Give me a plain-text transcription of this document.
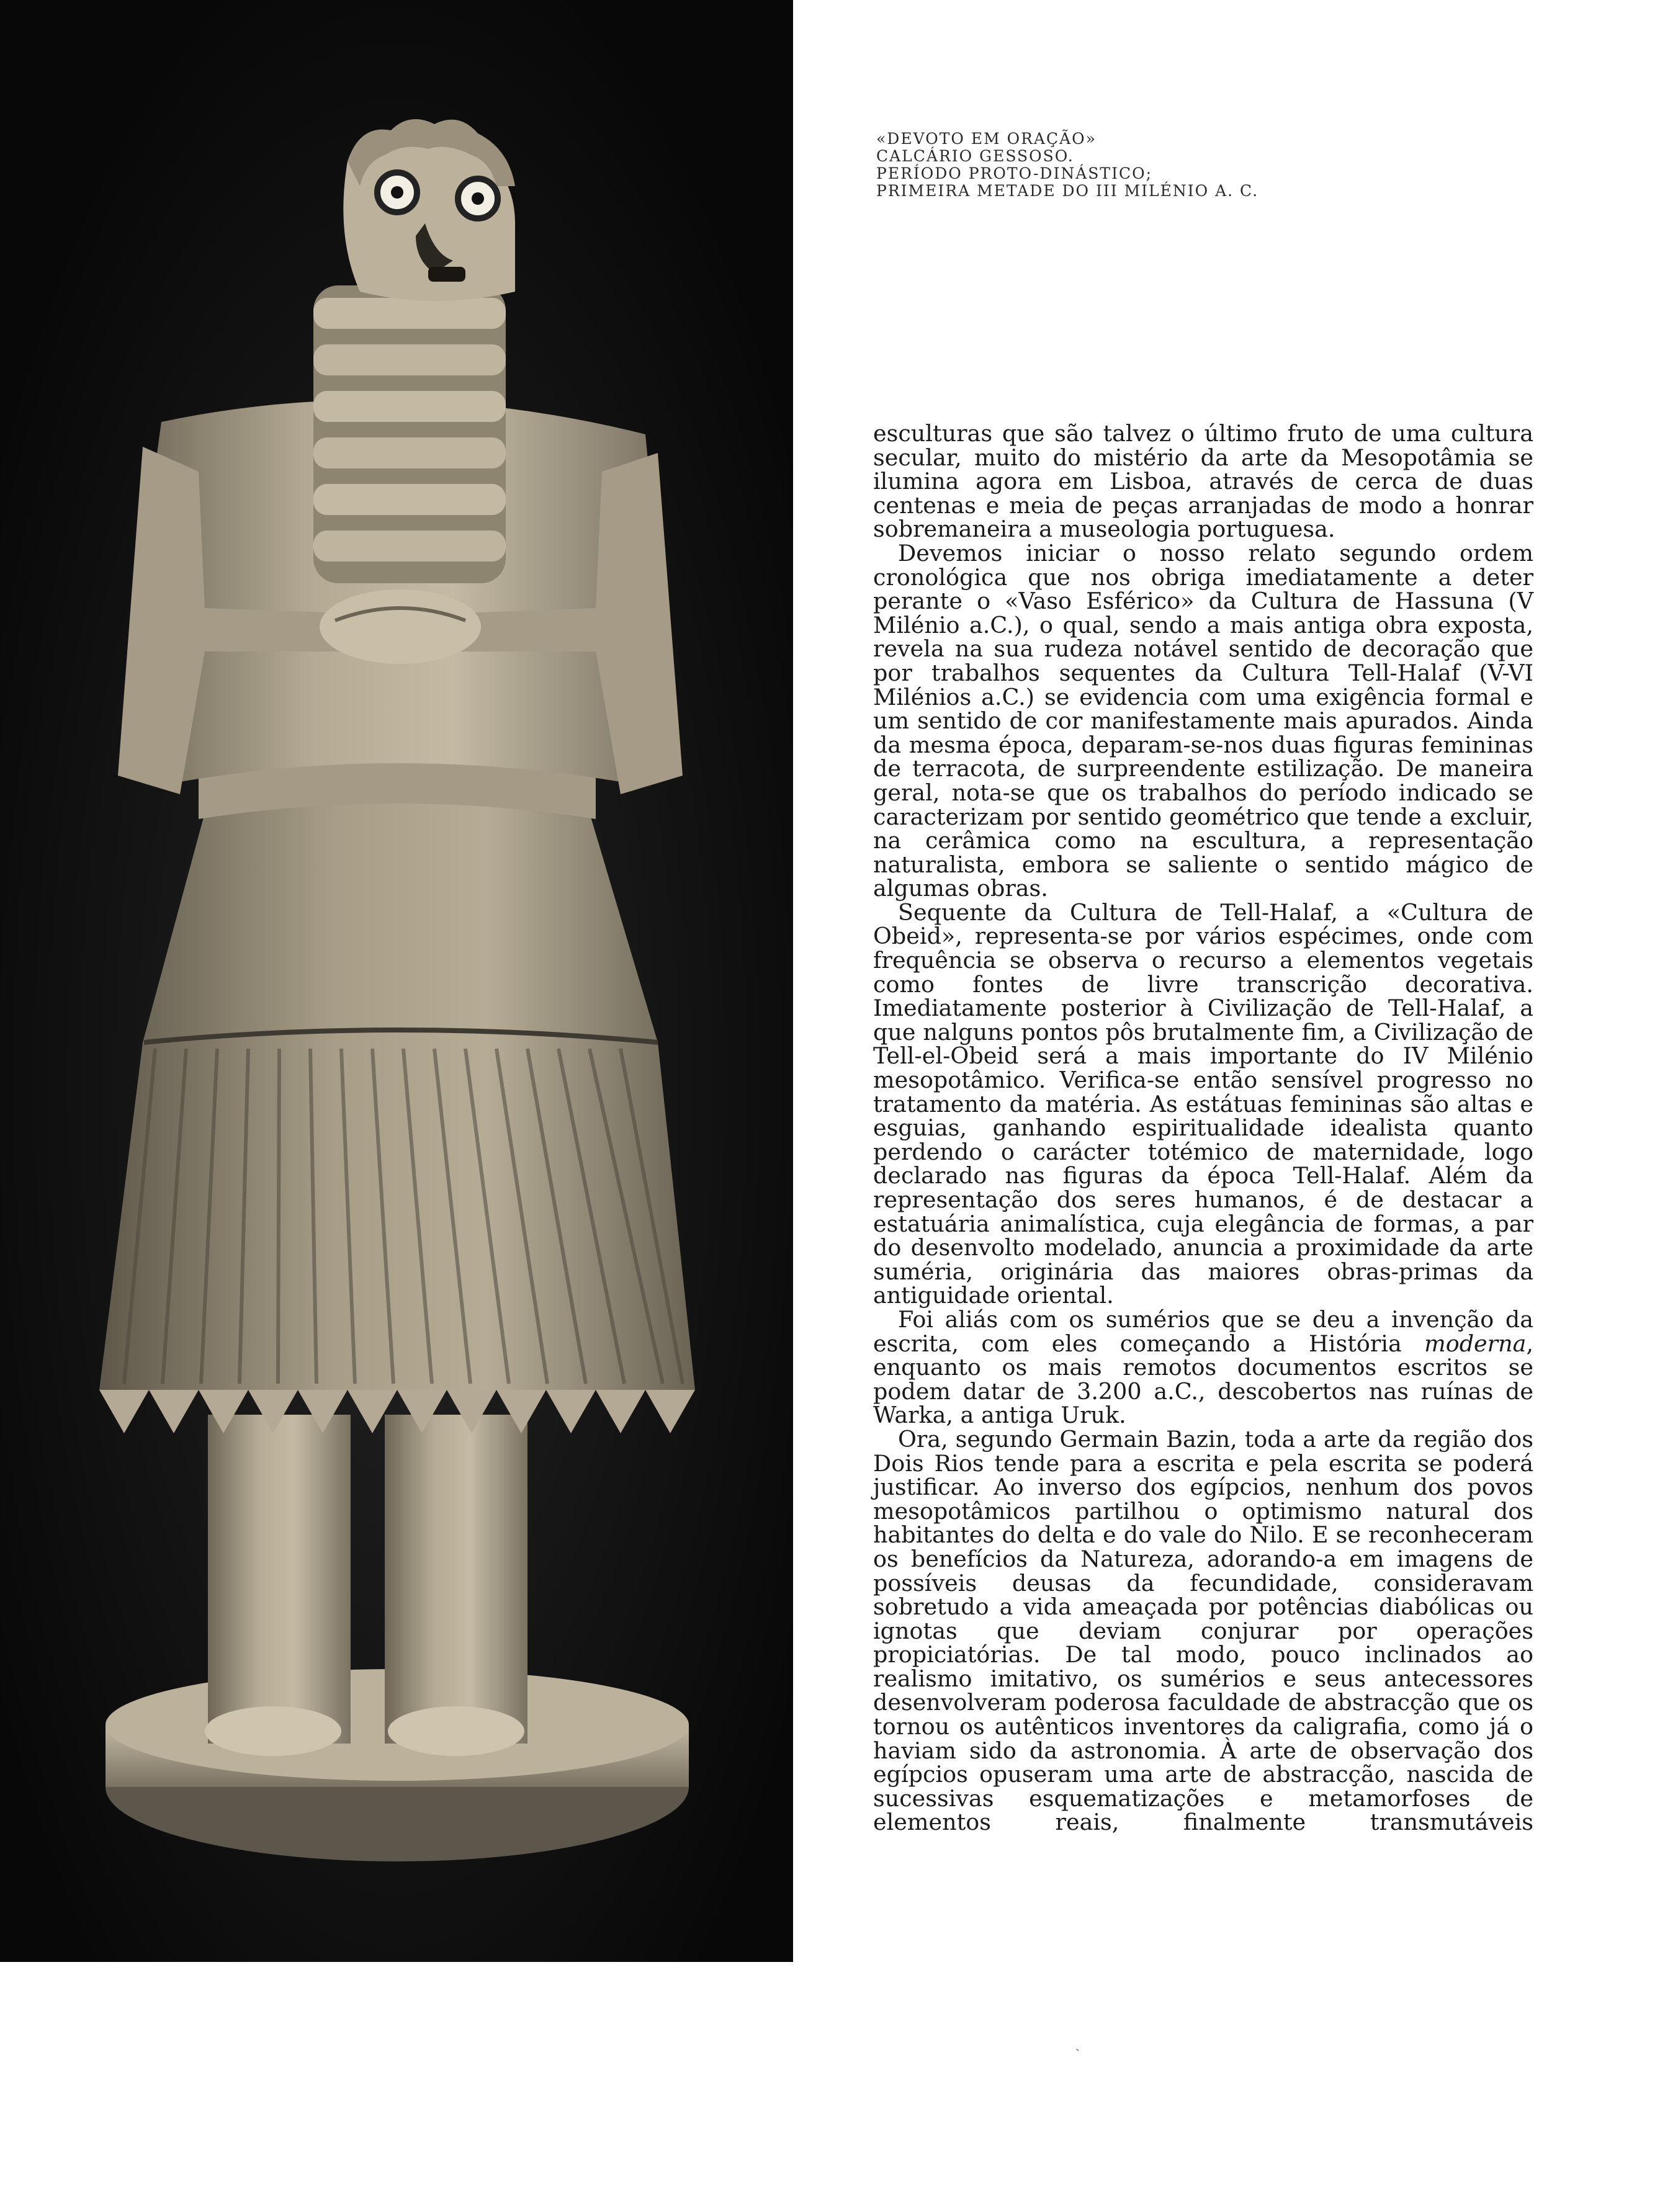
«DEVOTO EM ORAÇÃO»
CALCÁRIO GESSOSO.
PERÍODO PROTO-DINÁSTICO;
PRIMEIRA METADE DO III MILÉNIO A. C.

esculturas que são talvez o último fruto de uma cultura secular, muito do mistério da arte da Mesopotâmia se ilumina agora em Lisboa, através de cerca de duas centenas e meia de peças arranjadas de modo a honrar sobremaneira a museologia portuguesa.

Devemos iniciar o nosso relato segundo ordem cronológica que nos obriga imediatamente a deter perante o «Vaso Esférico» da Cultura de Hassuna (V Milénio a.C.), o qual, sendo a mais antiga obra exposta, revela na sua rudeza notável sentido de decoração que por trabalhos sequentes da Cultura Tell-Halaf (V-VI Milénios a.C.) se evidencia com uma exigência formal e um sentido de cor manifestamente mais apurados. Ainda da mesma época, deparam-se-nos duas figuras femininas de terracota, de surpreendente estilização. De maneira geral, nota-se que os trabalhos do período indicado se caracterizam por sentido geométrico que tende a excluir, na cerâmica como na escultura, a representação naturalista, embora se saliente o sentido mágico de algumas obras.

Sequente da Cultura de Tell-Halaf, a «Cultura de Obeid», representa-se por vários espécimes, onde com frequência se observa o recurso a elementos vegetais como fontes de livre transcrição decorativa. Imediatamente posterior à Civilização de Tell-Halaf, a que nalguns pontos pôs brutalmente fim, a Civilização de Tell-el-Obeid será a mais importante do IV Milénio mesopotâmico. Verifica-se então sensível progresso no tratamento da matéria. As estátuas femininas são altas e esguias, ganhando espiritualidade idealista quanto perdendo o carácter totémico de maternidade, logo declarado nas figuras da época Tell-Halaf. Além da representação dos seres humanos, é de destacar a estatuária animalística, cuja elegância de formas, a par do desenvolto modelado, anuncia a proximidade da arte suméria, originária das maiores obras-primas da antiguidade oriental.

Foi aliás com os sumérios que se deu a invenção da escrita, com eles começando a História moderna, enquanto os mais remotos documentos escritos se podem datar de 3.200 a.C., descobertos nas ruínas de Warka, a antiga Uruk.

Ora, segundo Germain Bazin, toda a arte da região dos Dois Rios tende para a escrita e pela escrita se poderá justificar. Ao inverso dos egípcios, nenhum dos povos mesopotâmicos partilhou o optimismo natural dos habitantes do delta e do vale do Nilo. E se reconheceram os benefícios da Natureza, adorando-a em imagens de possíveis deusas da fecundidade, consideravam sobretudo a vida ameaçada por potências diabólicas ou ignotas que deviam conjurar por operações propiciatórias. De tal modo, pouco inclinados ao realismo imitativo, os sumérios e seus antecessores desenvolveram poderosa faculdade de abstracção que os tornou os autênticos inventores da caligrafia, como já o haviam sido da astronomia. À arte de observação dos egípcios opuseram uma arte de abstracção, nascida de sucessivas esquematizações e metamorfoses de elementos reais, finalmente transmutáveis

ˎ
